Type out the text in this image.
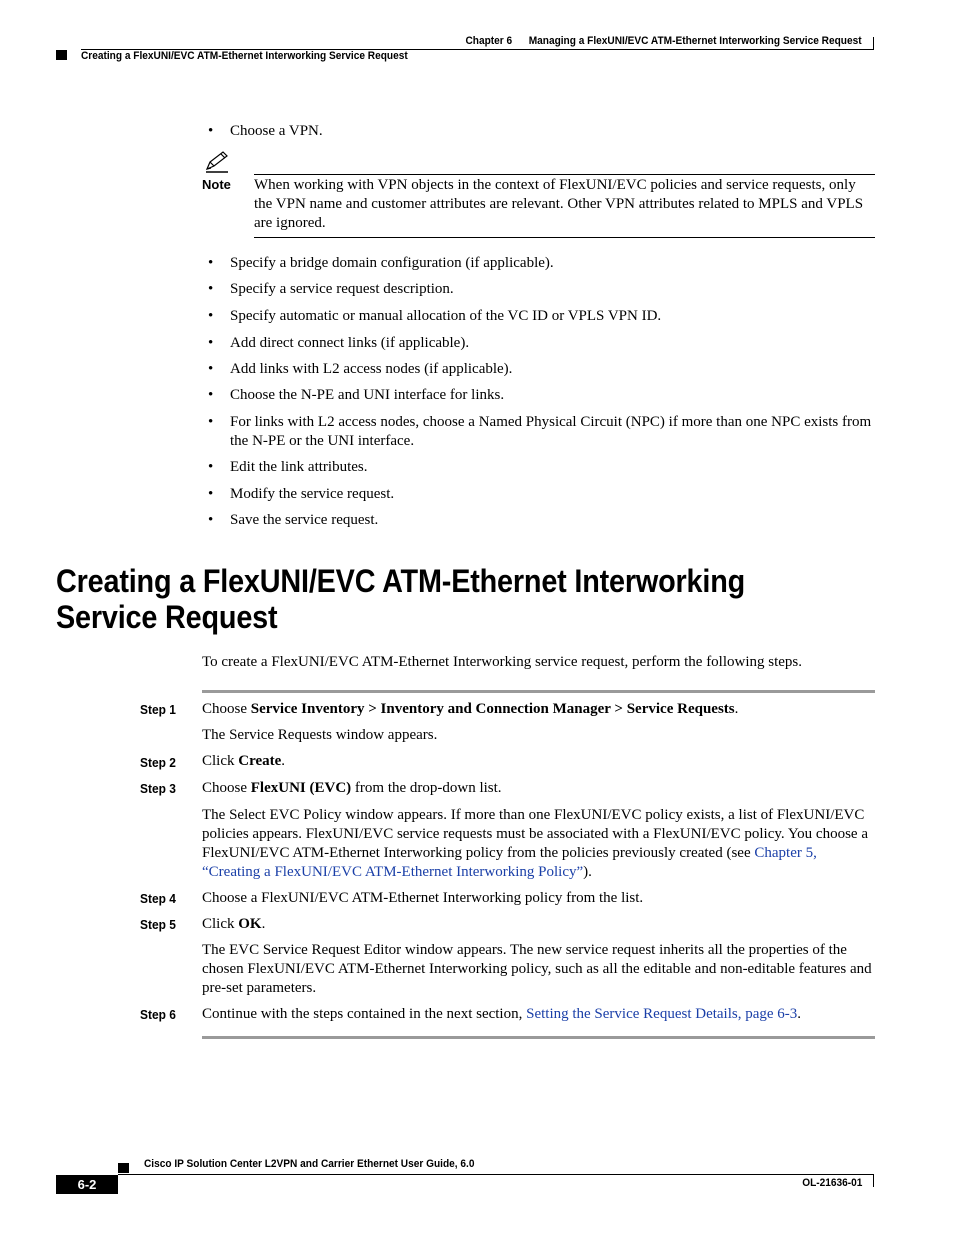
Chapter 6 Managing a FlexUNI/EVC ATM-Ethernet Interworking Service Request
Creating a FlexUNI/EVC ATM-Ethernet Interworking Service Request
• Choose a VPN.
Note When working with VPN objects in the context of FlexUNI/EVC policies and service requests, only the VPN name and customer attributes are relevant. Other VPN attributes related to MPLS and VPLS are ignored.
• Specify a bridge domain configuration (if applicable).
• Specify a service request description.
• Specify automatic or manual allocation of the VC ID or VPLS VPN ID.
• Add direct connect links (if applicable).
• Add links with L2 access nodes (if applicable).
• Choose the N-PE and UNI interface for links.
• For links with L2 access nodes, choose a Named Physical Circuit (NPC) if more than one NPC exists from the N-PE or the UNI interface.
• Edit the link attributes.
• Modify the service request.
• Save the service request.
Creating a FlexUNI/EVC ATM-Ethernet Interworking Service Request
To create a FlexUNI/EVC ATM-Ethernet Interworking service request, perform the following steps.
Step 1 Choose Service Inventory > Inventory and Connection Manager > Service Requests.
The Service Requests window appears.
Step 2 Click Create.
Step 3 Choose FlexUNI (EVC) from the drop-down list.
The Select EVC Policy window appears. If more than one FlexUNI/EVC policy exists, a list of FlexUNI/EVC policies appears. FlexUNI/EVC service requests must be associated with a FlexUNI/EVC policy. You choose a FlexUNI/EVC ATM-Ethernet Interworking policy from the policies previously created (see Chapter 5, “Creating a FlexUNI/EVC ATM-Ethernet Interworking Policy”).
Step 4 Choose a FlexUNI/EVC ATM-Ethernet Interworking policy from the list.
Step 5 Click OK.
The EVC Service Request Editor window appears. The new service request inherits all the properties of the chosen FlexUNI/EVC ATM-Ethernet Interworking policy, such as all the editable and non-editable features and pre-set parameters.
Step 6 Continue with the steps contained in the next section, Setting the Service Request Details, page 6-3.
Cisco IP Solution Center L2VPN and Carrier Ethernet User Guide, 6.0
6-2	OL-21636-01
